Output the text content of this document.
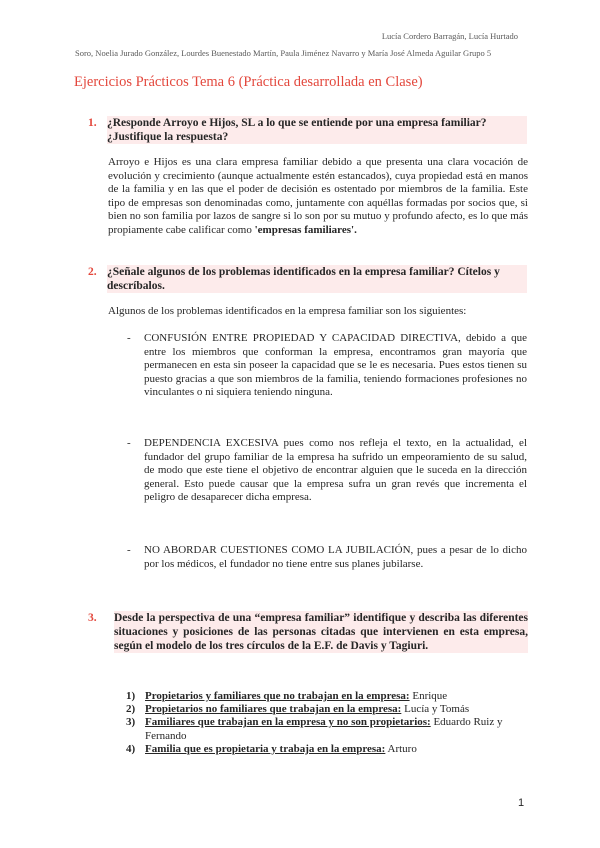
Lucía Cordero Barragán, Lucía Hurtado
Soro, Noelia Jurado González, Lourdes Buenestado Martín, Paula Jiménez Navarro y María José Almeda Aguilar Grupo 5
Ejercicios Prácticos Tema 6 (Práctica desarrollada en Clase)
1. ¿Responde Arroyo e Hijos, SL a lo que se entiende por una empresa familiar? ¿Justifique la respuesta?
Arroyo e Hijos es una clara empresa familiar debido a que presenta una clara vocación de evolución y crecimiento (aunque actualmente estén estancados), cuya propiedad está en manos de la familia y en las que el poder de decisión es ostentado por miembros de la familia. Este tipo de empresas son denominadas como, juntamente con aquéllas formadas por socios que, si bien no son familia por lazos de sangre si lo son por su mutuo y profundo afecto, es lo que más propiamente cabe calificar como 'empresas familiares'.
2. ¿Señale algunos de los problemas identificados en la empresa familiar? Cítelos y descríbalos.
Algunos de los problemas identificados en la empresa familiar son los siguientes:
-	CONFUSIÓN ENTRE PROPIEDAD Y CAPACIDAD DIRECTIVA, debido a que entre los miembros que conforman la empresa, encontramos gran mayoría que permanecen en esta sin poseer la capacidad que se le es necesaria. Pues estos tienen su puesto gracias a que son miembros de la familia, teniendo formaciones profesiones no vinculantes o ni siquiera teniendo ninguna.
-	DEPENDENCIA EXCESIVA pues como nos refleja el texto, en la actualidad, el fundador del grupo familiar de la empresa ha sufrido un empeoramiento de su salud, de modo que este tiene el objetivo de encontrar alguien que le suceda en la dirección general. Esto puede causar que la empresa sufra un gran revés que incrementa el peligro de desaparecer dicha empresa.
-	NO ABORDAR CUESTIONES COMO LA JUBILACIÓN, pues a pesar de lo dicho por los médicos, el fundador no tiene entre sus planes jubilarse.
3. Desde la perspectiva de una “empresa familiar” identifique y describa las diferentes situaciones y posiciones de las personas citadas que intervienen en esta empresa, según el modelo de los tres círculos de la E.F. de Davis y Tagiuri.
1) Propietarios y familiares que no trabajan en la empresa: Enrique
2) Propietarios no familiares que trabajan en la empresa: Lucía y Tomás
3) Familiares que trabajan en la empresa y no son propietarios: Eduardo Ruiz y Fernando
4) Familia que es propietaria y trabaja en la empresa: Arturo
1
